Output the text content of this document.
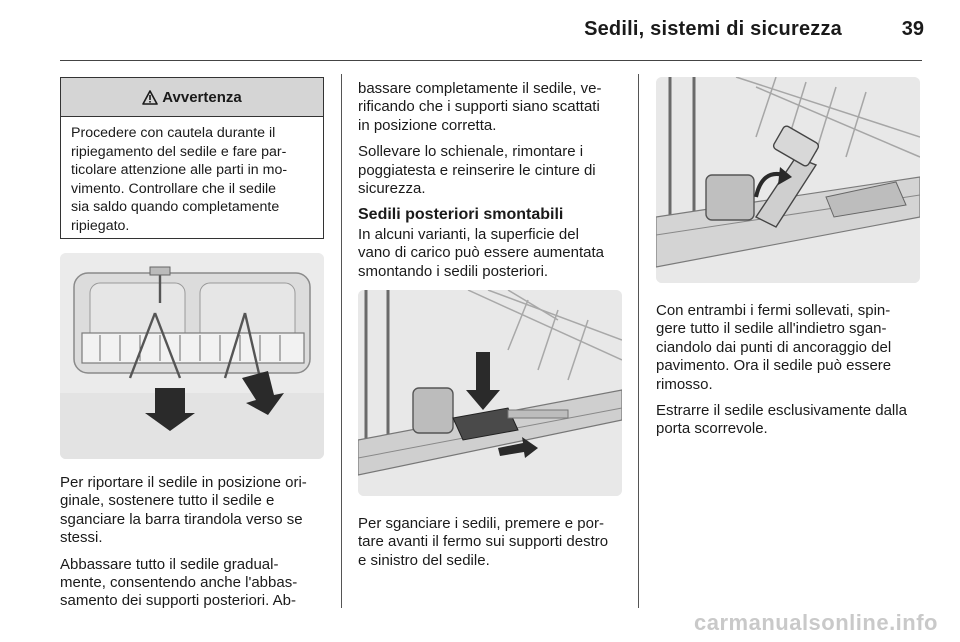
Sedili, sistemi di sicurezza	39
Avvertenza
Procedere con cautela durante il
ripiegamento del sedile e fare par-
ticolare attenzione alle parti in mo-
vimento. Controllare che il sedile
sia saldo quando completamente
ripiegato.

Per riportare il sedile in posizione ori-
ginale, sostenere tutto il sedile e
sganciare la barra tirandola verso se
stessi.

Abbassare tutto il sedile gradual-
mente, consentendo anche l'abbas-
samento dei supporti posteriori. Ab-

bassare completamente il sedile, ve-
rificando che i supporti siano scattati
in posizione corretta.

Sollevare lo schienale, rimontare i
poggiatesta e reinserire le cinture di
sicurezza.

Sedili posteriori smontabili

In alcuni varianti, la superficie del
vano di carico può essere aumentata
smontando i sedili posteriori.

Per sganciare i sedili, premere e por-
tare avanti il fermo sui supporti destro
e sinistro del sedile.

Con entrambi i fermi sollevati, spin-
gere tutto il sedile all'indietro sgan-
ciandolo dai punti di ancoraggio del
pavimento. Ora il sedile può essere
rimosso.

Estrarre il sedile esclusivamente dalla
porta scorrevole.

carmanualsonline.info
